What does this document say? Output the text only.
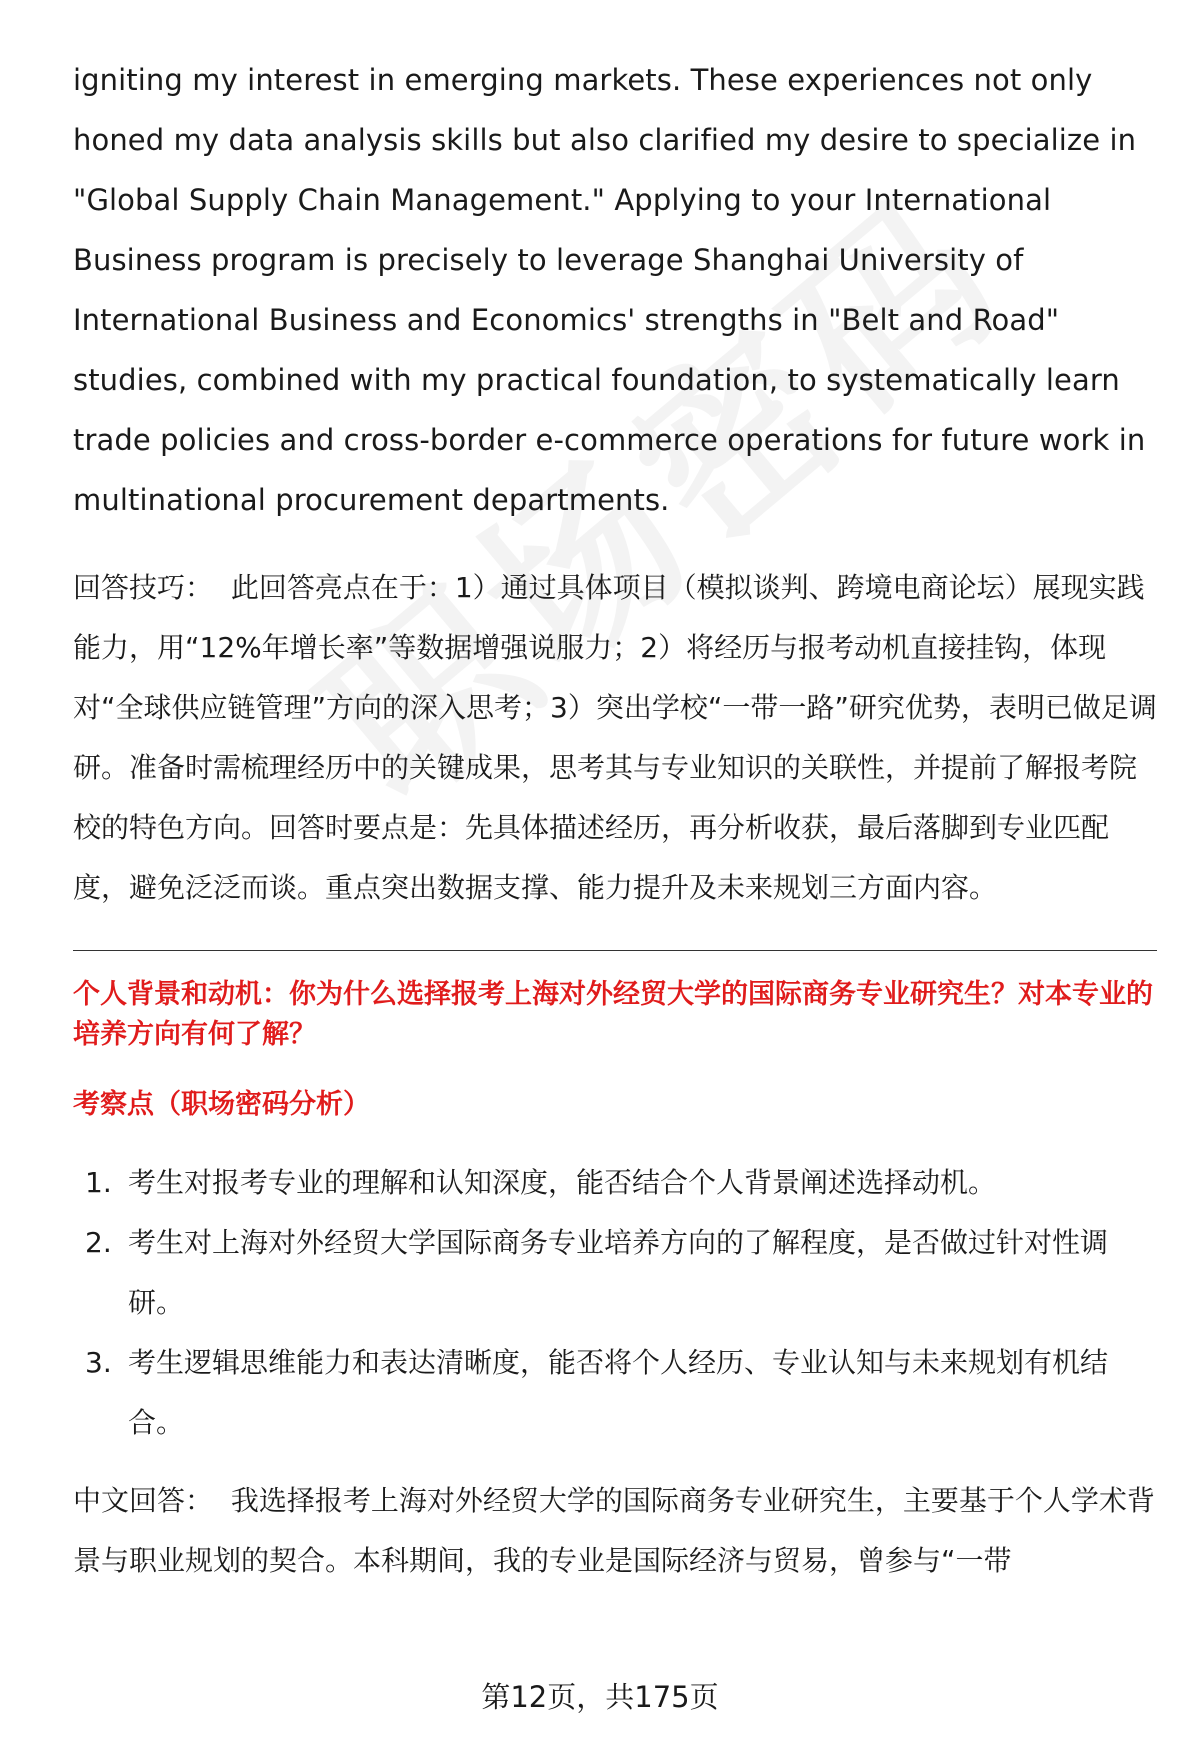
igniting my interest in emerging markets. These experiences not only honed my data analysis skills but also clarified my desire to specialize in "Global Supply Chain Management." Applying to your International Business program is precisely to leverage Shanghai University of International Business and Economics' strengths in "Belt and Road" studies, combined with my practical foundation, to systematically learn trade policies and cross-border e-commerce operations for future work in multinational procurement departments.

回答技巧： 此回答亮点在于：1）通过具体项目（模拟谈判、跨境电商论坛）展现实践能力，用“12%年增长率”等数据增强说服力；2）将经历与报考动机直接挂钩，体现对“全球供应链管理”方向的深入思考；3）突出学校“一带一路”研究优势，表明已做足调研。准备时需梳理经历中的关键成果，思考其与专业知识的关联性，并提前了解报考院校的特色方向。回答时要点是：先具体描述经历，再分析收获，最后落脚到专业匹配度，避免泛泛而谈。重点突出数据支撑、能力提升及未来规划三方面内容。

个人背景和动机：你为什么选择报考上海对外经贸大学的国际商务专业研究生？对本专业的培养方向有何了解？

考察点（职场密码分析）

1. 考生对报考专业的理解和认知深度，能否结合个人背景阐述选择动机。
2. 考生对上海对外经贸大学国际商务专业培养方向的了解程度，是否做过针对性调研。
3. 考生逻辑思维能力和表达清晰度，能否将个人经历、专业认知与未来规划有机结合。

中文回答： 我选择报考上海对外经贸大学的国际商务专业研究生，主要基于个人学术背景与职业规划的契合。本科期间，我的专业是国际经济与贸易，曾参与“一带

第12页，共175页
